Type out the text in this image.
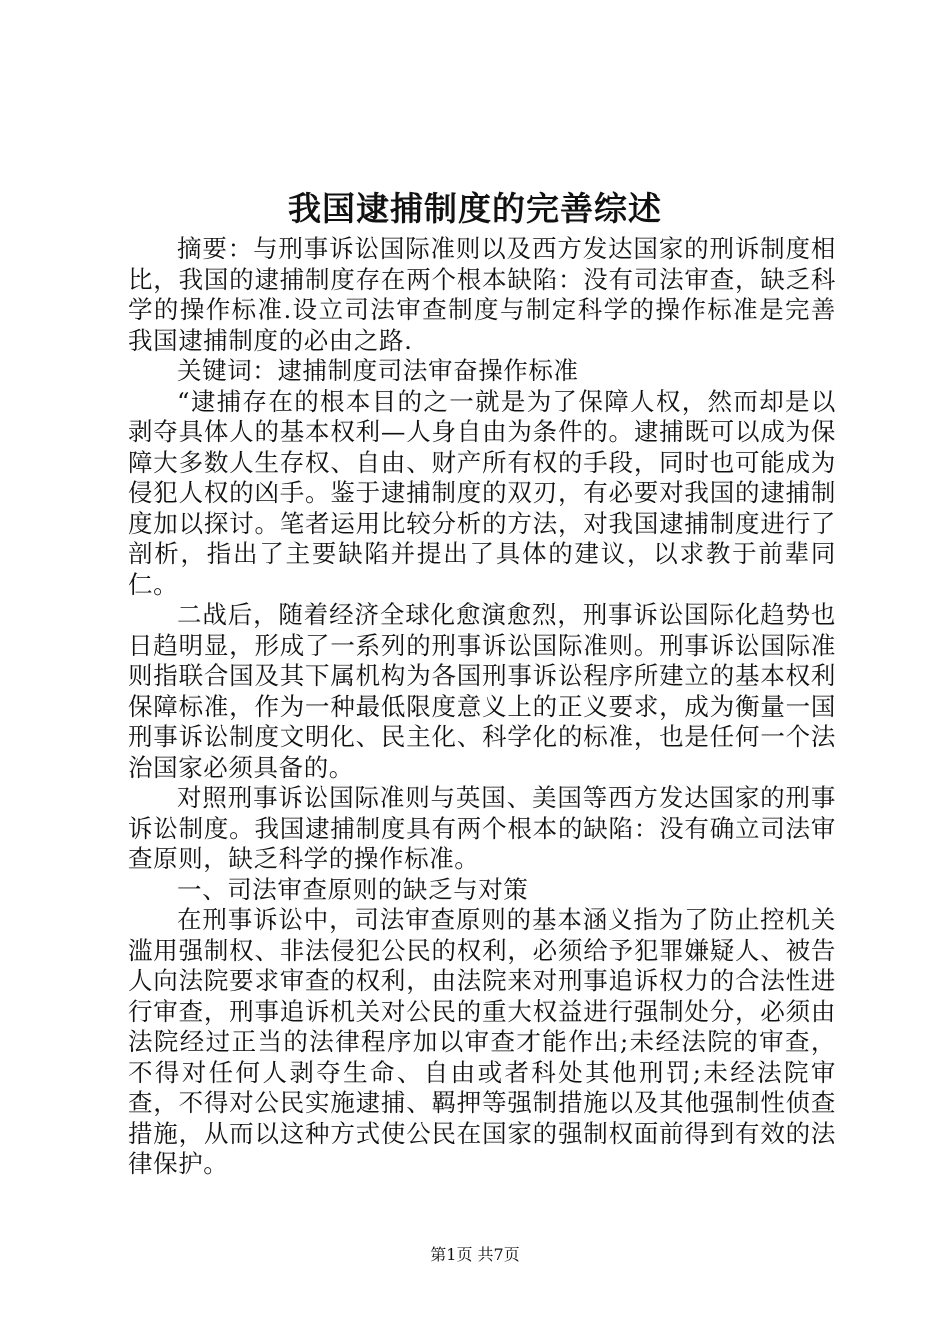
我国逮捕制度的完善综述

摘要：与刑事诉讼国际准则以及西方发达国家的刑诉制度相比，我国的逮捕制度存在两个根本缺陷：没有司法审查，缺乏科学的操作标准.设立司法审查制度与制定科学的操作标准是完善我国逮捕制度的必由之路.

关键词：逮捕制度司法审奋操作标准

“逮捕存在的根本目的之一就是为了保障人权，然而却是以剥夺具体人的基本权利—人身自由为条件的。逮捕既可以成为保障大多数人生存权、自由、财产所有权的手段，同时也可能成为侵犯人权的凶手。鉴于逮捕制度的双刃，有必要对我国的逮捕制度加以探讨。笔者运用比较分析的方法，对我国逮捕制度进行了剖析，指出了主要缺陷并提出了具体的建议，以求教于前辈同仁。

二战后，随着经济全球化愈演愈烈，刑事诉讼国际化趋势也日趋明显，形成了一系列的刑事诉讼国际准则。刑事诉讼国际准则指联合国及其下属机构为各国刑事诉讼程序所建立的基本权利保障标准，作为一种最低限度意义上的正义要求，成为衡量一国刑事诉讼制度文明化、民主化、科学化的标准，也是任何一个法治国家必须具备的。

对照刑事诉讼国际准则与英国、美国等西方发达国家的刑事诉讼制度。我国逮捕制度具有两个根本的缺陷：没有确立司法审查原则，缺乏科学的操作标准。

一、司法审查原则的缺乏与对策

在刑事诉讼中，司法审查原则的基本涵义指为了防止控机关滥用强制权、非法侵犯公民的权利，必须给予犯罪嫌疑人、被告人向法院要求审查的权利，由法院来对刑事追诉权力的合法性进行审查，刑事追诉机关对公民的重大权益进行强制处分，必须由法院经过正当的法律程序加以审查才能作出;未经法院的审查，不得对任何人剥夺生命、自由或者科处其他刑罚;未经法院审查，不得对公民实施逮捕、羁押等强制措施以及其他强制性侦查措施，从而以这种方式使公民在国家的强制权面前得到有效的法律保护。

第1页 共7页
